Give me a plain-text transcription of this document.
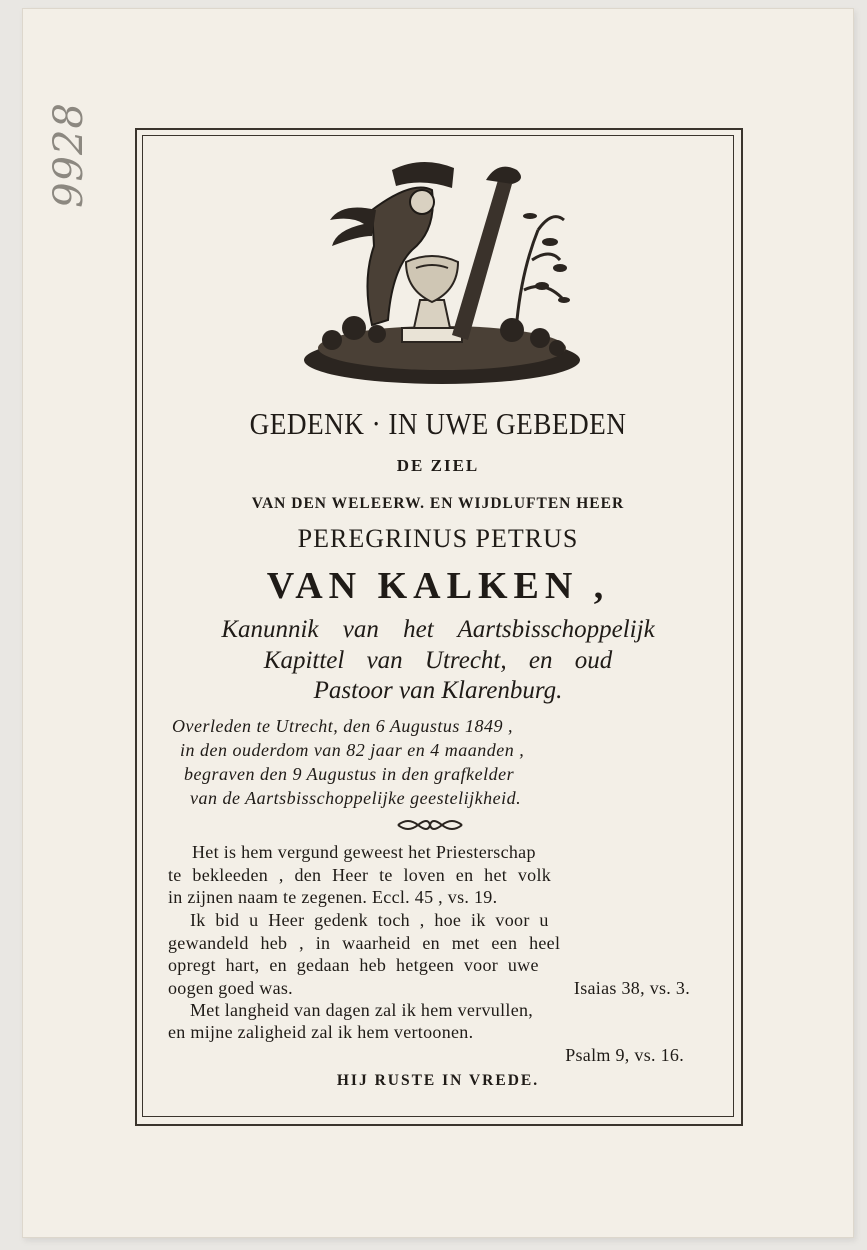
9928
GEDENK · IN UWE GEBEDEN
DE ZIEL
VAN DEN WELEERW. EN WIJDLUFTEN HEER
PEREGRINUS PETRUS
VAN KALKEN ,
Kanunnik van het Aartsbisschoppelijk
Kapittel van Utrecht, en oud
Pastoor van Klarenburg.
Overleden te Utrecht, den 6 Augustus 1849 ,
in den ouderdom van 82 jaar en 4 maanden ,
begraven den 9 Augustus in den grafkelder
van de Aartsbisschoppelijke geestelijkheid.
Het is hem vergund geweest het Priesterschap
te bekleeden , den Heer te loven en het volk
in zijnen naam te zegenen. Eccl. 45 , vs. 19.
Ik bid u Heer gedenk toch , hoe ik voor u
gewandeld heb , in waarheid en met een heel
opregt hart, en gedaan heb hetgeen voor uwe
oogen goed was.	Isaias 38, vs. 3.
Met langheid van dagen zal ik hem vervullen,
en mijne zaligheid zal ik hem vertoonen.
Psalm 9, vs. 16.
HIJ RUSTE IN VREDE.
